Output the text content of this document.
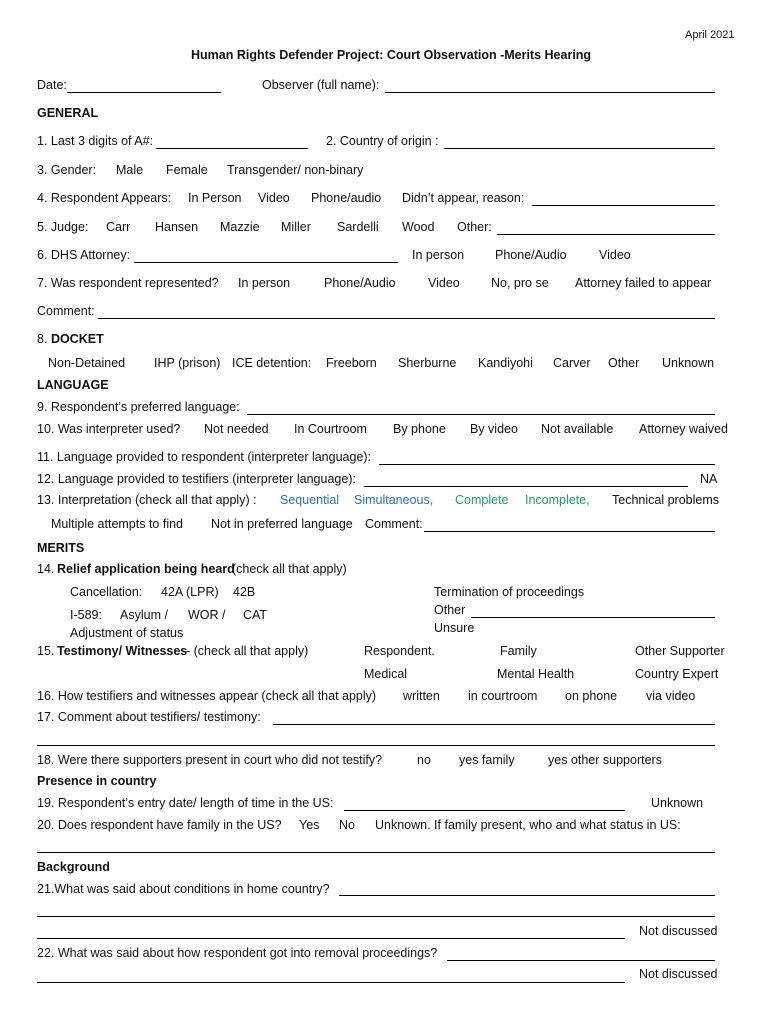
April 2021
Human Rights Defender Project: Court Observation -Merits Hearing
Date:	Observer (full name):
GENERAL
1. Last 3 digits of A#:	2. Country of origin :
3. Gender: Male Female Transgender/ non-binary
4. Respondent Appears: In Person Video Phone/audio Didn’t appear, reason:
5. Judge: Carr Hansen Mazzie Miller Sardelli Wood Other:
6. DHS Attorney:	In person Phone/Audio	Video
7. Was respondent represented? In person	Phone/Audio	Video	No, pro se Attorney failed to appear
Comment:
8. DOCKET
Non-Detained IHP (prison) ICE detention: Freeborn Sherburne Kandiyohi Carver Other Unknown
LANGUAGE
9. Respondent’s preferred language:
10. Was interpreter used? Not needed In Courtroom By phone By video Not available Attorney waived
11. Language provided to respondent (interpreter language):
12. Language provided to testifiers (interpreter language):	NA
13. Interpretation (check all that apply) : Sequential Simultaneous, Complete Incomplete, Technical problems
Multiple attempts to find Not in preferred language Comment:
MERITS
14. Relief application being heard
(check all that apply)
Cancellation: 42A (LPR) 42B	Termination of proceedings
Other
I-589: Asylum / WOR / CAT
Unsure
Adjustment of status
15. Testimony/ Witnesses
- (check all that apply)	Respondent.	Family	Other Supporter
Medical	Mental Health	Country Expert
16. How testifiers and witnesses appear (check all that apply) written in courtroom on phone via video
17. Comment about testifiers/ testimony:
18. Were there supporters present in court who did not testify?	no yes family	yes other supporters
Presence in country
19. Respondent’s entry date/ length of time in the US:	Unknown
20. Does respondent have family in the US? Yes No Unknown. If family present, who and what status in US:
Background
21.What was said about conditions in home country?
Not discussed
22. What was said about how respondent got into removal proceedings?
Not discussed
